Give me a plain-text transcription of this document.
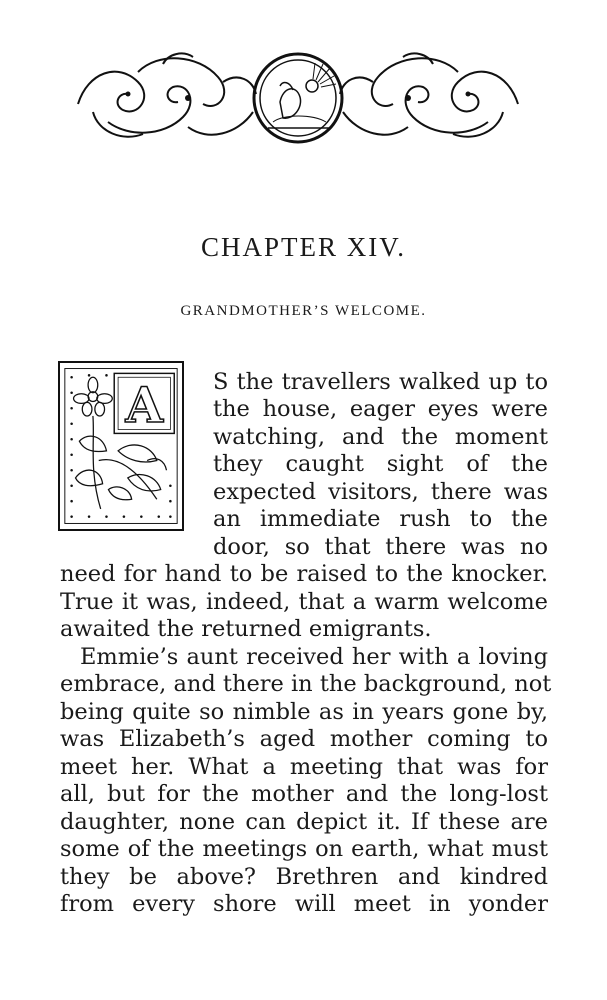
CHAPTER XIV.
GRANDMOTHER’S WELCOME.
A S the travellers walked up to
the house, eager eyes were
watching, and the moment
they caught sight of the
expected visitors, there was
an immediate rush to the
door, so that there was no
need for hand to be raised to the knocker.
True it was, indeed, that a warm welcome
awaited the returned emigrants.
Emmie’s aunt received her with a loving
embrace, and there in the background, not
being quite so nimble as in years gone by,
was Elizabeth’s aged mother coming to
meet her. What a meeting that was for
all, but for the mother and the long-lost
daughter, none can depict it. If these are
some of the meetings on earth, what must
they be above? Brethren and kindred
from every shore will meet in yonder
